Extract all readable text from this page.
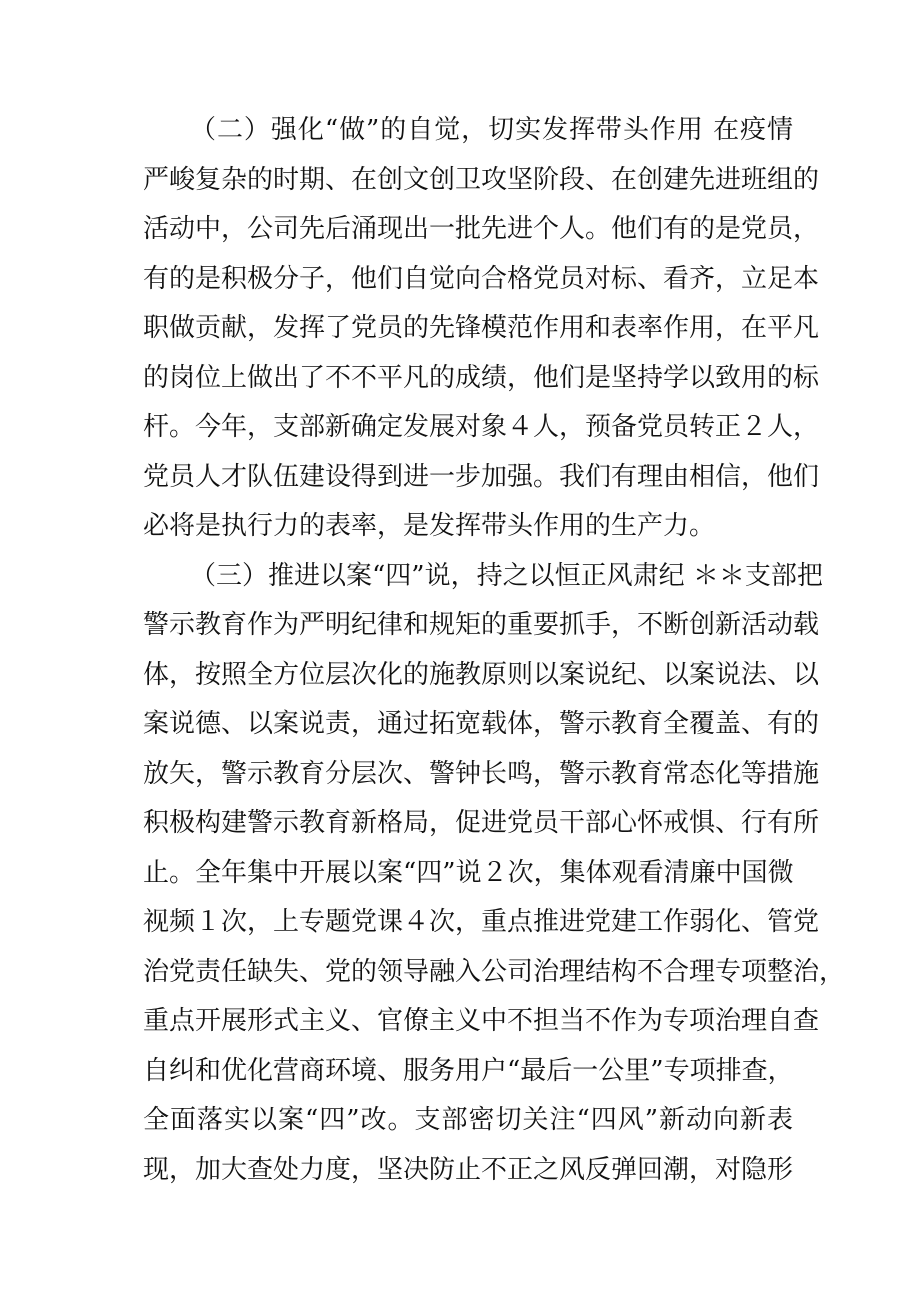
（二）强化“做”的自觉，切实发挥带头作用 在疫情
严峻复杂的时期、在创文创卫攻坚阶段、在创建先进班组的
活动中，公司先后涌现出一批先进个人。他们有的是党员，
有的是积极分子，他们自觉向合格党员对标、看齐，立足本
职做贡献，发挥了党员的先锋模范作用和表率作用，在平凡
的岗位上做出了不不平凡的成绩，他们是坚持学以致用的标
杆。今年，支部新确定发展对象４人，预备党员转正２人，
党员人才队伍建设得到进一步加强。我们有理由相信，他们
必将是执行力的表率，是发挥带头作用的生产力。
（三）推进以案“四”说，持之以恒正风肃纪 ＊＊支部把
警示教育作为严明纪律和规矩的重要抓手，不断创新活动载
体，按照全方位层次化的施教原则以案说纪、以案说法、以
案说德、以案说责，通过拓宽载体，警示教育全覆盖、有的
放矢，警示教育分层次、警钟长鸣，警示教育常态化等措施
积极构建警示教育新格局，促进党员干部心怀戒惧、行有所
止。全年集中开展以案“四”说２次，集体观看清廉中国微
视频１次，上专题党课４次，重点推进党建工作弱化、管党
治党责任缺失、党的领导融入公司治理结构不合理专项整治，
重点开展形式主义、官僚主义中不担当不作为专项治理自查
自纠和优化营商环境、服务用户“最后一公里”专项排查，
全面落实以案“四”改。支部密切关注“四风”新动向新表
现，加大查处力度，坚决防止不正之风反弹回潮，对隐形
